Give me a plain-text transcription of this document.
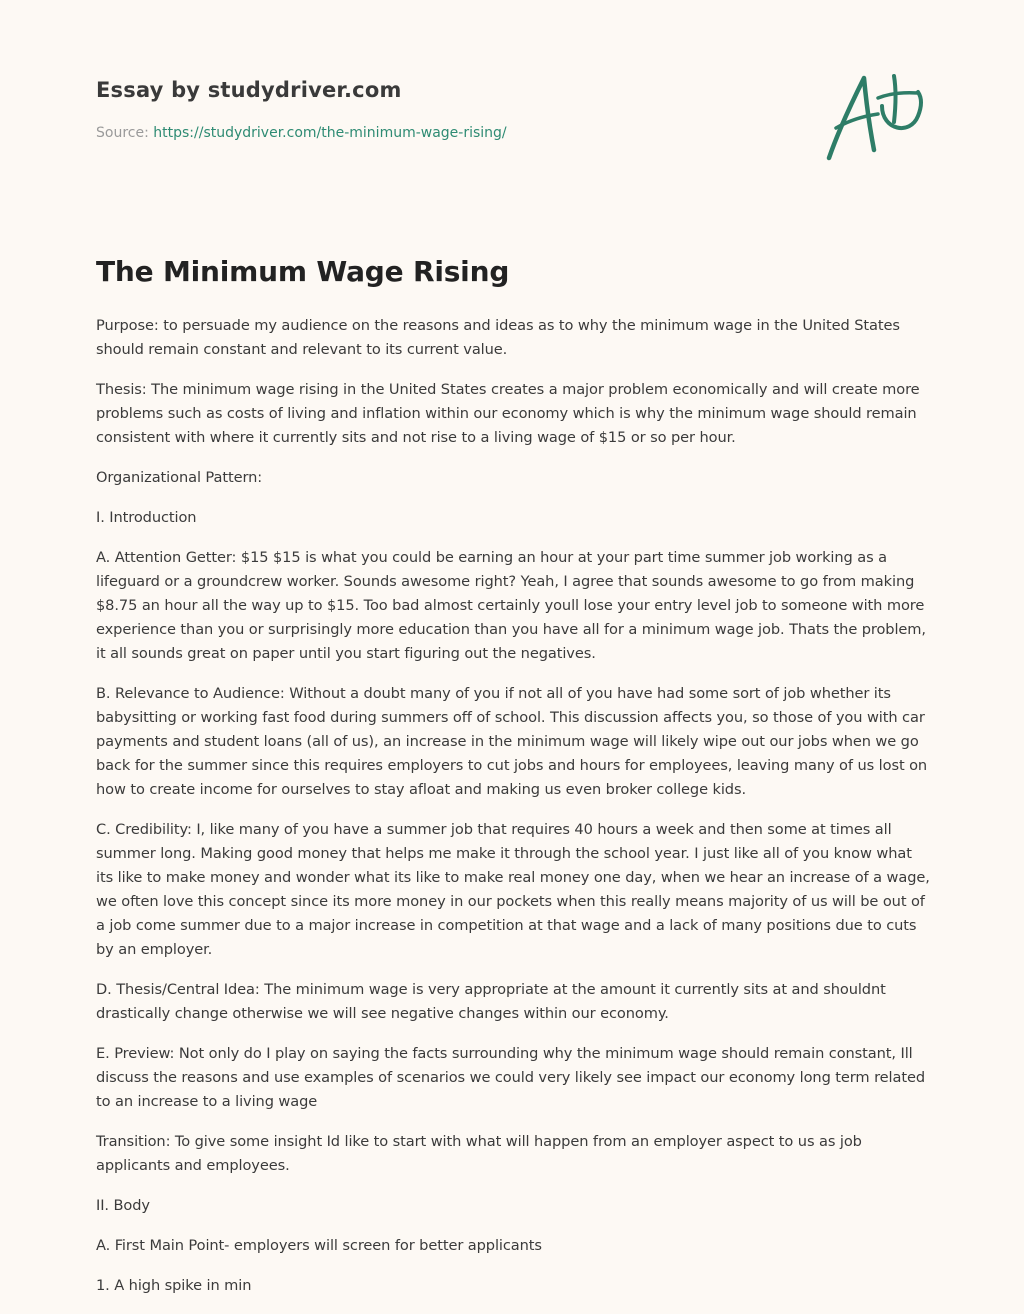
Essay by studydriver.com
Source: https://studydriver.com/the-minimum-wage-rising/
The Minimum Wage Rising

Purpose: to persuade my audience on the reasons and ideas as to why the minimum wage in the United States should remain constant and relevant to its current value.

Thesis: The minimum wage rising in the United States creates a major problem economically and will create more problems such as costs of living and inflation within our economy which is why the minimum wage should remain consistent with where it currently sits and not rise to a living wage of $15 or so per hour.

Organizational Pattern:

I. Introduction

A. Attention Getter: $15 $15 is what you could be earning an hour at your part time summer job working as a lifeguard or a groundcrew worker. Sounds awesome right? Yeah, I agree that sounds awesome to go from making $8.75 an hour all the way up to $15. Too bad almost certainly youll lose your entry level job to someone with more experience than you or surprisingly more education than you have all for a minimum wage job. Thats the problem, it all sounds great on paper until you start figuring out the negatives.

B. Relevance to Audience: Without a doubt many of you if not all of you have had some sort of job whether its babysitting or working fast food during summers off of school. This discussion affects you, so those of you with car payments and student loans (all of us), an increase in the minimum wage will likely wipe out our jobs when we go back for the summer since this requires employers to cut jobs and hours for employees, leaving many of us lost on how to create income for ourselves to stay afloat and making us even broker college kids.

C. Credibility: I, like many of you have a summer job that requires 40 hours a week and then some at times all summer long. Making good money that helps me make it through the school year. I just like all of you know what its like to make money and wonder what its like to make real money one day, when we hear an increase of a wage, we often love this concept since its more money in our pockets when this really means majority of us will be out of a job come summer due to a major increase in competition at that wage and a lack of many positions due to cuts by an employer.

D. Thesis/Central Idea: The minimum wage is very appropriate at the amount it currently sits at and shouldnt drastically change otherwise we will see negative changes within our economy.

E. Preview: Not only do I play on saying the facts surrounding why the minimum wage should remain constant, Ill discuss the reasons and use examples of scenarios we could very likely see impact our economy long term related to an increase to a living wage

Transition: To give some insight Id like to start with what will happen from an employer aspect to us as job applicants and employees.

II. Body

A. First Main Point- employers will screen for better applicants

1. A high spike in min
